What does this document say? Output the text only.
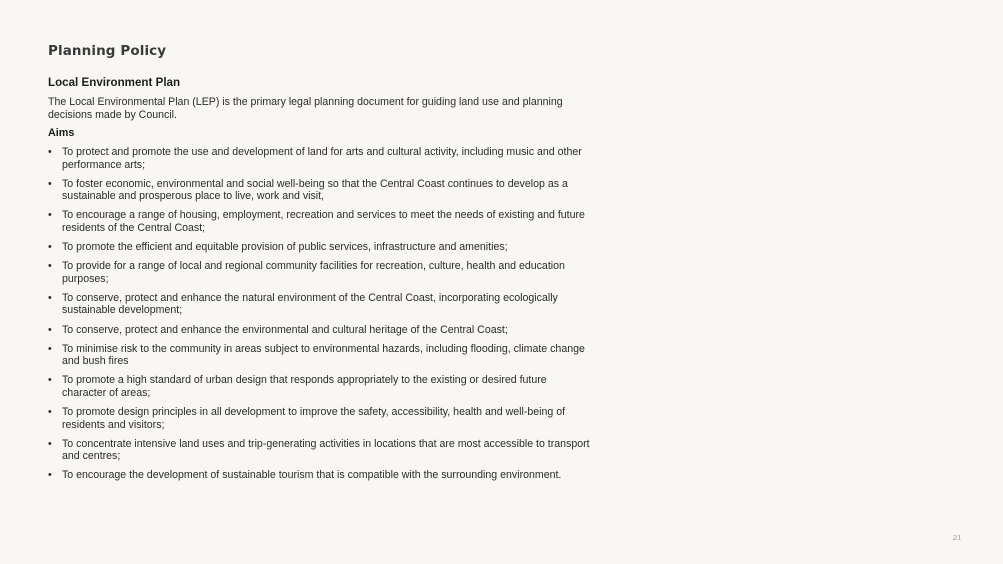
Planning Policy
Local Environment Plan

The Local Environmental Plan (LEP) is the primary legal planning document for guiding land use and planning decisions made by Council.

Aims
• To protect and promote the use and development of land for arts and cultural activity, including music and other performance arts;
• To foster economic, environmental and social well-being so that the Central Coast continues to develop as a sustainable and prosperous place to live, work and visit,
• To encourage a range of housing, employment, recreation and services to meet the needs of existing and future residents of the Central Coast;
• To promote the efficient and equitable provision of public services, infrastructure and amenities;
• To provide for a range of local and regional community facilities for recreation, culture, health and education purposes;
• To conserve, protect and enhance the natural environment of the Central Coast, incorporating ecologically sustainable development;
• To conserve, protect and enhance the environmental and cultural heritage of the Central Coast;
• To minimise risk to the community in areas subject to environmental hazards, including flooding, climate change and bush fires
• To promote a high standard of urban design that responds appropriately to the existing or desired future character of areas;
• To promote design principles in all development to improve the safety, accessibility, health and well-being of residents and visitors;
• To concentrate intensive land uses and trip-generating activities in locations that are most accessible to transport and centres;
• To encourage the development of sustainable tourism that is compatible with the surrounding environment.
21
